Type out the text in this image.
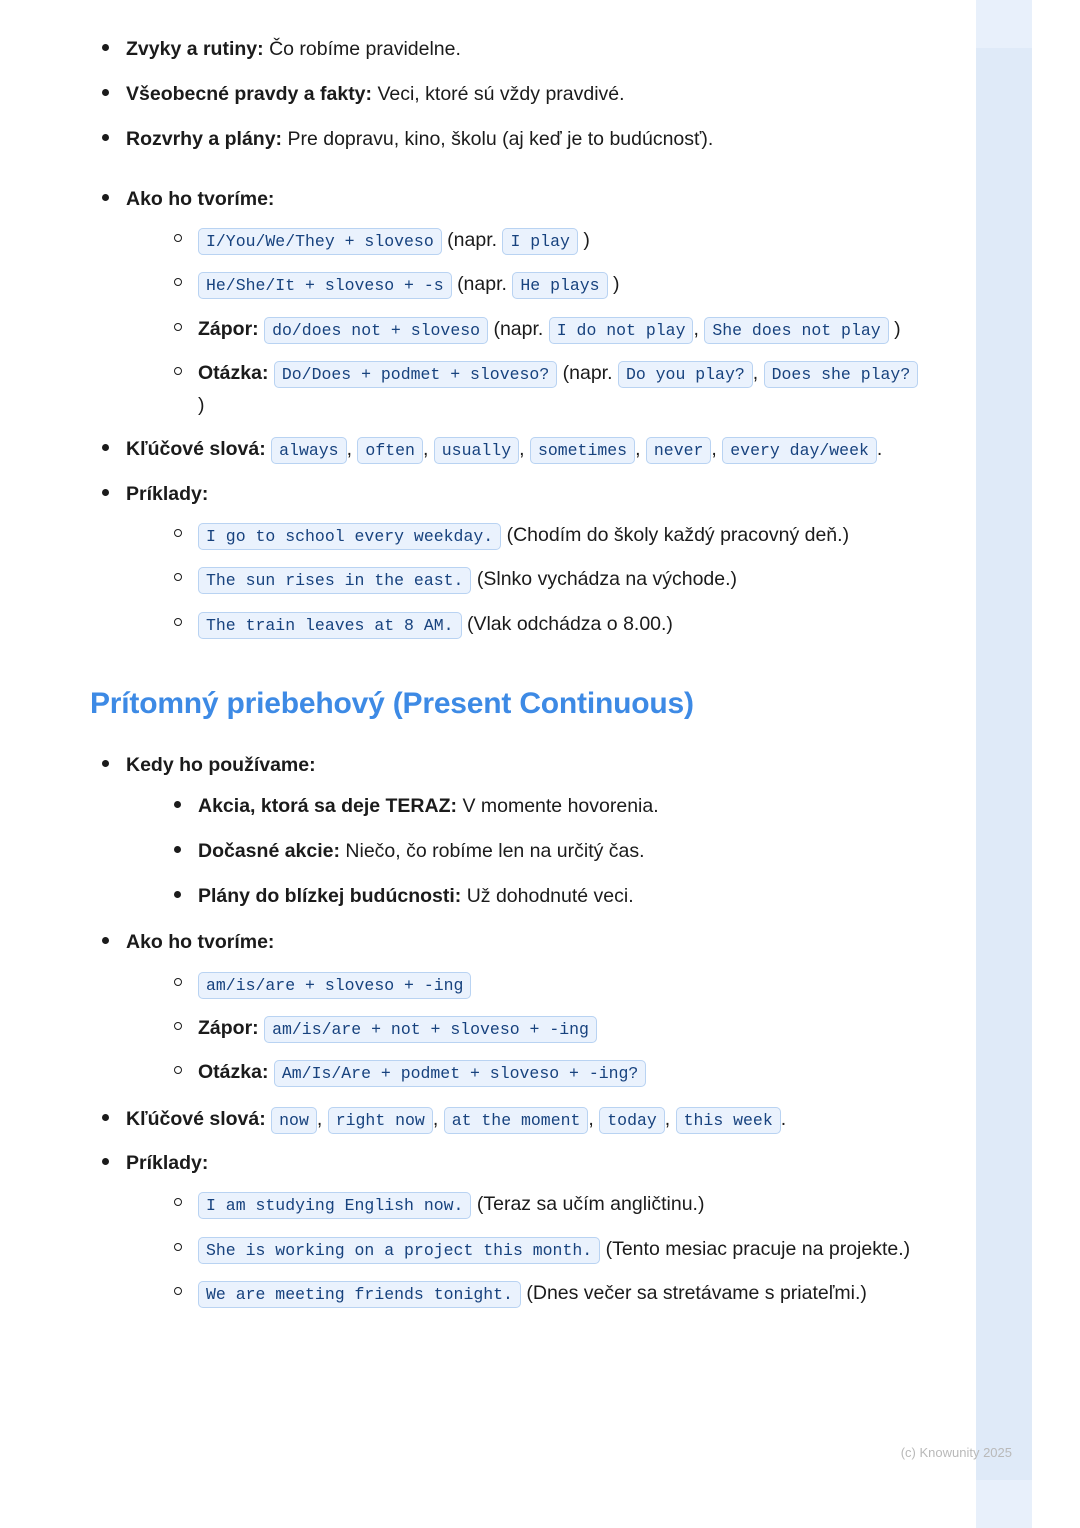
Zvyky a rutiny: Čo robíme pravidelne.
Všeobecné pravdy a fakty: Veci, ktoré sú vždy pravdivé.
Rozvrhy a plány: Pre dopravu, kino, školu (aj keď je to budúcnosť).
Ako ho tvoríme:
I/You/We/They + sloveso (napr. I play )
He/She/It + sloveso + -s (napr. He plays )
Zápor: do/does not + sloveso (napr. I do not play , She does not play )
Otázka: Do/Does + podmet + sloveso? (napr. Do you play? , Does she play? )
Kľúčové slová: always , often , usually , sometimes , never , every day/week .
Príklady:
I go to school every weekday. (Chodím do školy každý pracovný deň.)
The sun rises in the east. (Slnko vychádza na východe.)
The train leaves at 8 AM. (Vlak odchádza o 8.00.)
Prítomný priebehový (Present Continuous)
Kedy ho používame:
Akcia, ktorá sa deje TERAZ: V momente hovorenia.
Dočasné akcie: Niečo, čo robíme len na určitý čas.
Plány do blízkej budúcnosti: Už dohodnuté veci.
Ako ho tvoríme:
am/is/are + sloveso + -ing
Zápor: am/is/are + not + sloveso + -ing
Otázka: Am/Is/Are + podmet + sloveso + -ing?
Kľúčové slová: now , right now , at the moment , today , this week .
Príklady:
I am studying English now. (Teraz sa učím angličtinu.)
She is working on a project this month. (Tento mesiac pracuje na projekte.)
We are meeting friends tonight. (Dnes večer sa stretávame s priateľmi.)
(c) Knowunity 2025
